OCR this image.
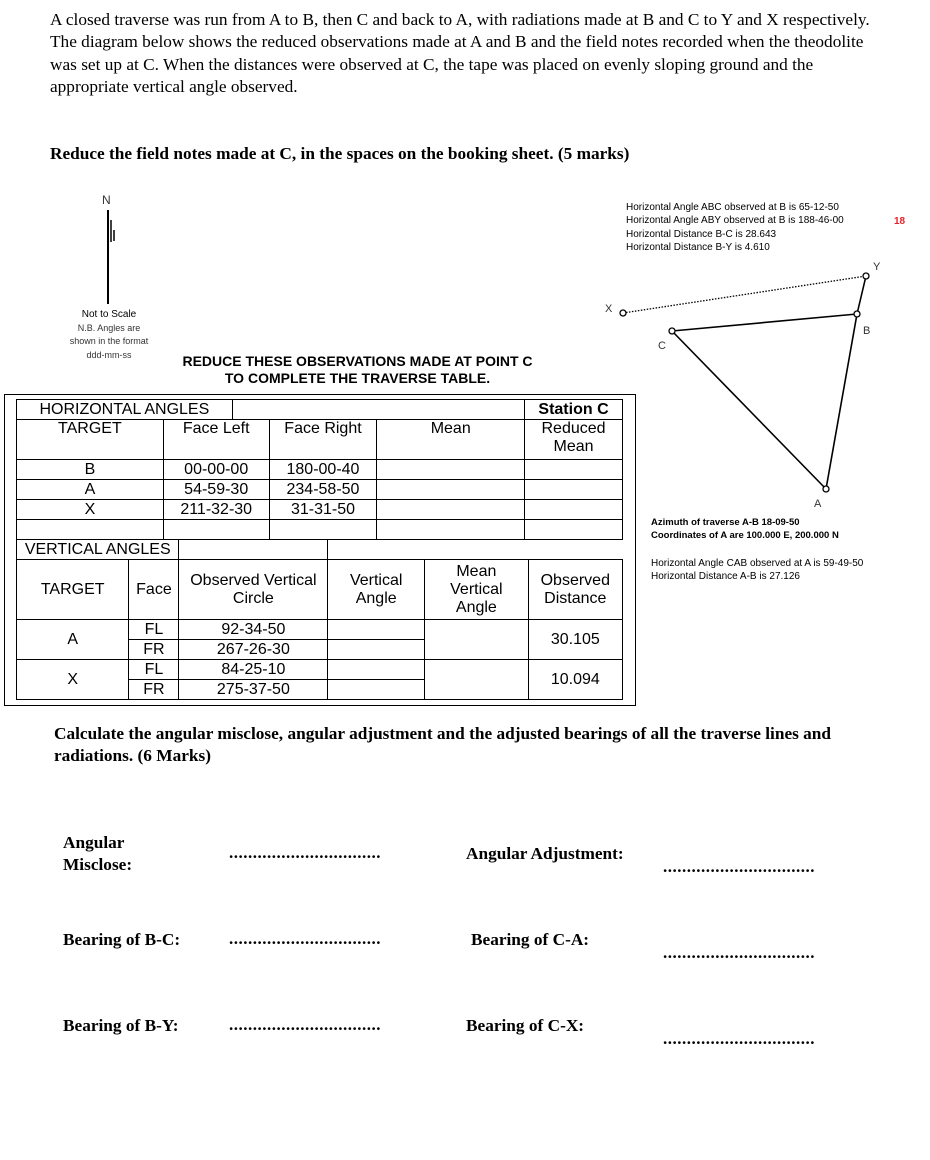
A closed traverse was run from A to B, then C and back to A, with radiations made at B and C to Y and X respectively.

The diagram below shows the reduced observations made at A and B and the field notes recorded when the theodolite was set up at C. When the distances were observed at C, the tape was placed on evenly sloping ground and the appropriate vertical angle observed.

Reduce the field notes made at C, in the spaces on the booking sheet. (5 marks)
N
Not to Scale
N.B. Angles are
shown in the format
ddd-mm-ss	REDUCE THESE OBSERVATIONS MADE AT POINT C
TO COMPLETE THE TRAVERSE TABLE.
HORIZONTAL ANGLES					Station C
TARGET	Face Left		Face Right	Mean	Reduced Mean
B	00-00-00		180-00-40		
A	54-59-30		234-58-50		
X	211-32-30		31-31-50		

VERTICAL ANGLES					
TARGET	Face	Observed Vertical Circle	Vertical Angle	Mean Vertical Angle	Observed Distance
A	FL	92-34-50			30.105
	FR	267-26-30			
X	FL	84-25-10			10.094
	FR	275-37-50			
Horizontal Angle ABC observed at B is 65-12-50
Horizontal Angle ABY observed at B is 188-46-00
Horizontal Distance B-C is 28.643
Horizontal Distance B-Y is 4.610
18
X
Y
C
B
A
Azimuth of traverse A-B 18-09-50
Coordinates of A are 100.000 E, 200.000 N
Horizontal Angle CAB observed at A is 59-49-50
Horizontal Distance A-B is 27.126
Calculate the angular misclose, angular adjustment and the adjusted bearings of all the traverse lines and radiations. (6 Marks)
Angular
Misclose:
................................	Angular Adjustment:
................................
Bearing of B-C:	................................	Bearing of C-A:
................................
Bearing of B-Y:	................................	Bearing of C-X:
................................
